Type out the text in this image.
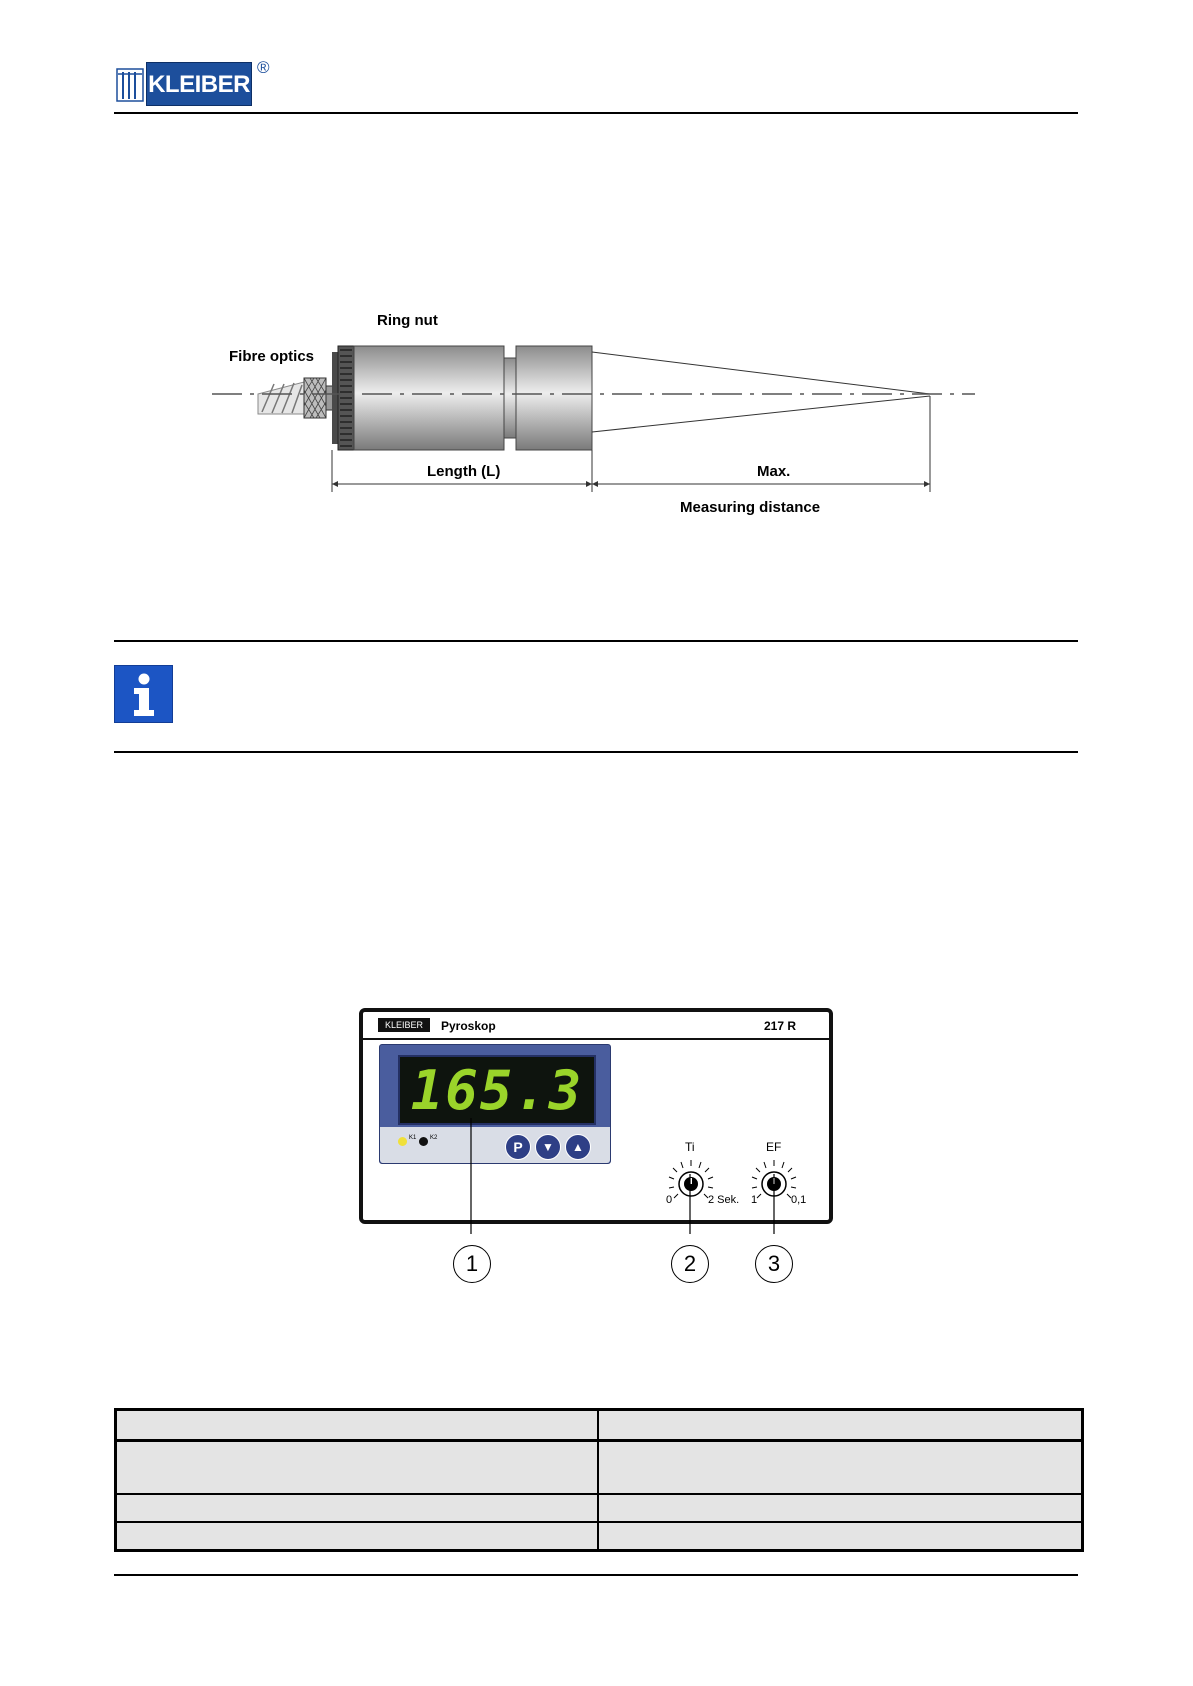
KLEIBER
®
Ring nut
Fibre optics
Length (L)	Max.
Measuring distance
KLEIBER	Pyroskop	217 R
165.3
K1 K2
P	▼	▲	Ti
0	2 Sek.
EF
1	0,1
1	2	3
